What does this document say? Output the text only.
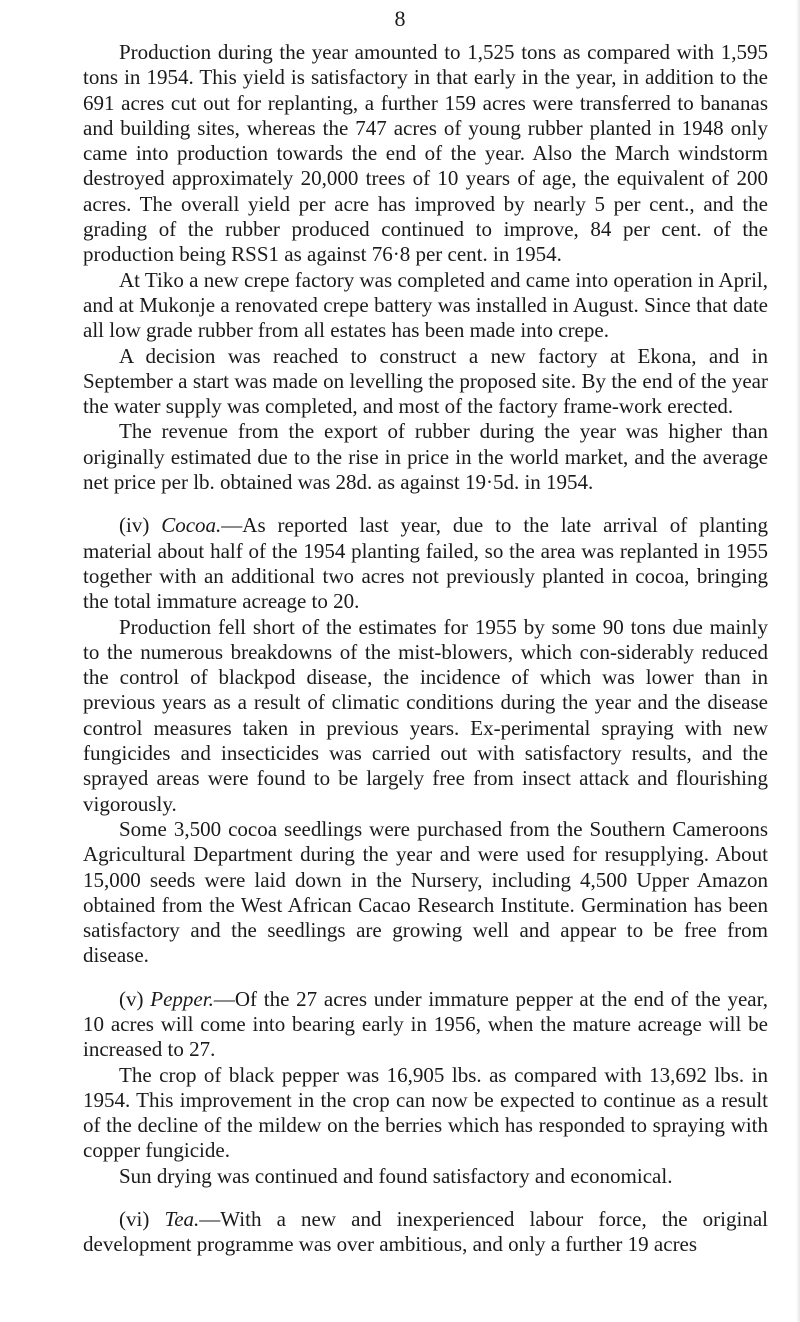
8

Production during the year amounted to 1,525 tons as compared with 1,595 tons in 1954. This yield is satisfactory in that early in the year, in addition to the 691 acres cut out for replanting, a further 159 acres were transferred to bananas and building sites, whereas the 747 acres of young rubber planted in 1948 only came into production towards the end of the year. Also the March windstorm destroyed approximately 20,000 trees of 10 years of age, the equivalent of 200 acres. The overall yield per acre has improved by nearly 5 per cent., and the grading of the rubber produced continued to improve, 84 per cent. of the production being RSS1 as against 76·8 per cent. in 1954.

At Tiko a new crepe factory was completed and came into operation in April, and at Mukonje a renovated crepe battery was installed in August. Since that date all low grade rubber from all estates has been made into crepe.

A decision was reached to construct a new factory at Ekona, and in September a start was made on levelling the proposed site. By the end of the year the water supply was completed, and most of the factory frame-work erected.

The revenue from the export of rubber during the year was higher than originally estimated due to the rise in price in the world market, and the average net price per lb. obtained was 28d. as against 19·5d. in 1954.

(iv) Cocoa.—As reported last year, due to the late arrival of planting material about half of the 1954 planting failed, so the area was replanted in 1955 together with an additional two acres not previously planted in cocoa, bringing the total immature acreage to 20.

Production fell short of the estimates for 1955 by some 90 tons due mainly to the numerous breakdowns of the mist-blowers, which con-siderably reduced the control of blackpod disease, the incidence of which was lower than in previous years as a result of climatic conditions during the year and the disease control measures taken in previous years. Ex-perimental spraying with new fungicides and insecticides was carried out with satisfactory results, and the sprayed areas were found to be largely free from insect attack and flourishing vigorously.

Some 3,500 cocoa seedlings were purchased from the Southern Cameroons Agricultural Department during the year and were used for resupplying. About 15,000 seeds were laid down in the Nursery, including 4,500 Upper Amazon obtained from the West African Cacao Research Institute. Germination has been satisfactory and the seedlings are growing well and appear to be free from disease.

(v) Pepper.—Of the 27 acres under immature pepper at the end of the year, 10 acres will come into bearing early in 1956, when the mature acreage will be increased to 27.

The crop of black pepper was 16,905 lbs. as compared with 13,692 lbs. in 1954. This improvement in the crop can now be expected to continue as a result of the decline of the mildew on the berries which has responded to spraying with copper fungicide.

Sun drying was continued and found satisfactory and economical.

(vi) Tea.—With a new and inexperienced labour force, the original development programme was over ambitious, and only a further 19 acres
